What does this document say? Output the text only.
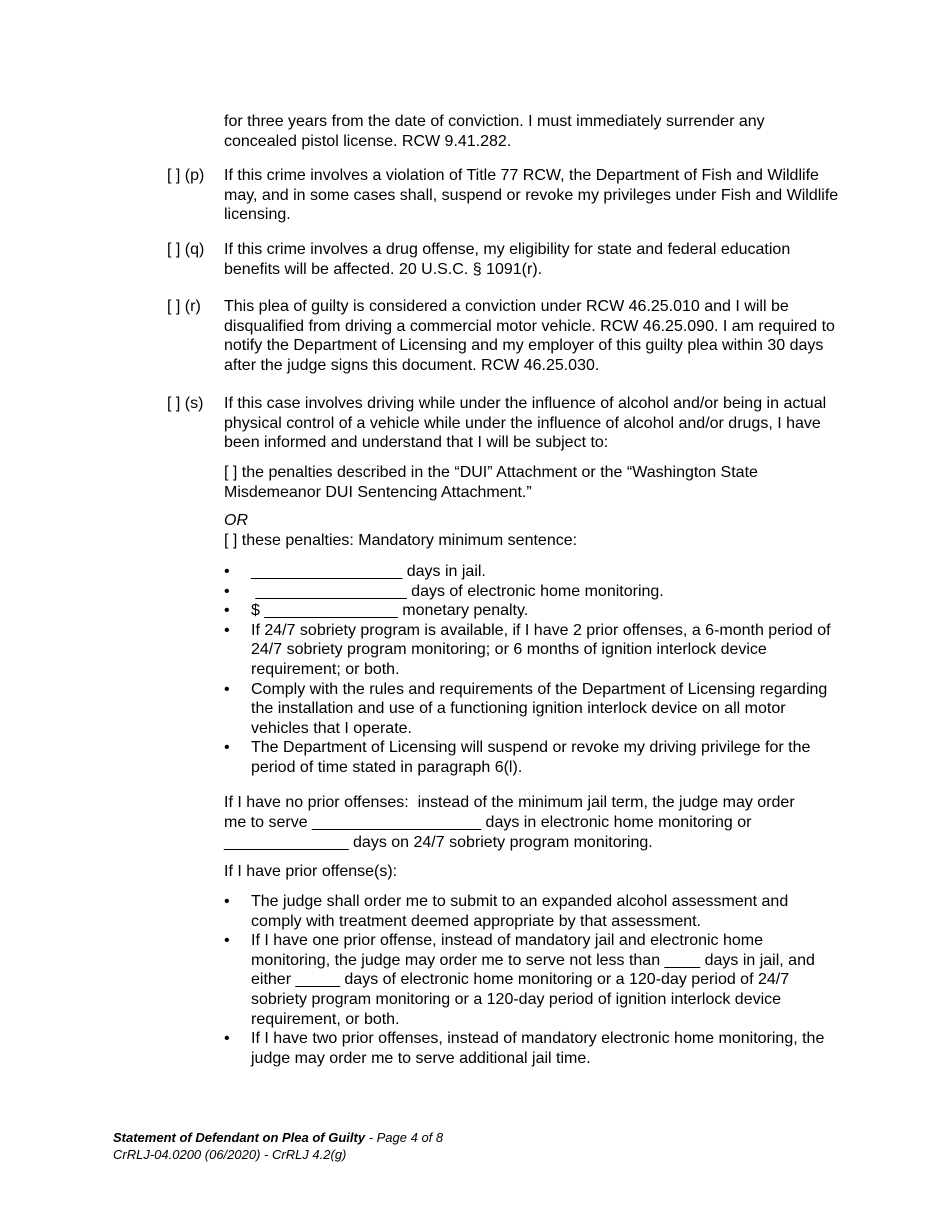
for three years from the date of conviction. I must immediately surrender any concealed pistol license. RCW 9.41.282.

[ ] (p) If this crime involves a violation of Title 77 RCW, the Department of Fish and Wildlife may, and in some cases shall, suspend or revoke my privileges under Fish and Wildlife licensing.

[ ] (q) If this crime involves a drug offense, my eligibility for state and federal education benefits will be affected. 20 U.S.C. § 1091(r).

[ ] (r) This plea of guilty is considered a conviction under RCW 46.25.010 and I will be disqualified from driving a commercial motor vehicle. RCW 46.25.090. I am required to notify the Department of Licensing and my employer of this guilty plea within 30 days after the judge signs this document. RCW 46.25.030.

[ ] (s) If this case involves driving while under the influence of alcohol and/or being in actual physical control of a vehicle while under the influence of alcohol and/or drugs, I have been informed and understand that I will be subject to:

[ ] the penalties described in the “DUI” Attachment or the “Washington State Misdemeanor DUI Sentencing Attachment.”
OR
[ ] these penalties: Mandatory minimum sentence:
• _________________ days in jail.
• _________________ days of electronic home monitoring.
• $ _______________ monetary penalty.
• If 24/7 sobriety program is available, if I have 2 prior offenses, a 6-month period of 24/7 sobriety program monitoring; or 6 months of ignition interlock device requirement; or both.
• Comply with the rules and requirements of the Department of Licensing regarding the installation and use of a functioning ignition interlock device on all motor vehicles that I operate.
• The Department of Licensing will suspend or revoke my driving privilege for the period of time stated in paragraph 6(l).
If I have no prior offenses:  instead of the minimum jail term, the judge may order
me to serve ___________________ days in electronic home monitoring or
______________ days on 24/7 sobriety program monitoring.
If I have prior offense(s):
• The judge shall order me to submit to an expanded alcohol assessment and comply with treatment deemed appropriate by that assessment.
• If I have one prior offense, instead of mandatory jail and electronic home monitoring, the judge may order me to serve not less than ____ days in jail, and either _____ days of electronic home monitoring or a 120-day period of 24/7 sobriety program monitoring or a 120-day period of ignition interlock device requirement, or both.
• If I have two prior offenses, instead of mandatory electronic home monitoring, the judge may order me to serve additional jail time.
Statement of Defendant on Plea of Guilty - Page 4 of 8
CrRLJ-04.0200 (06/2020) - CrRLJ 4.2(g)
